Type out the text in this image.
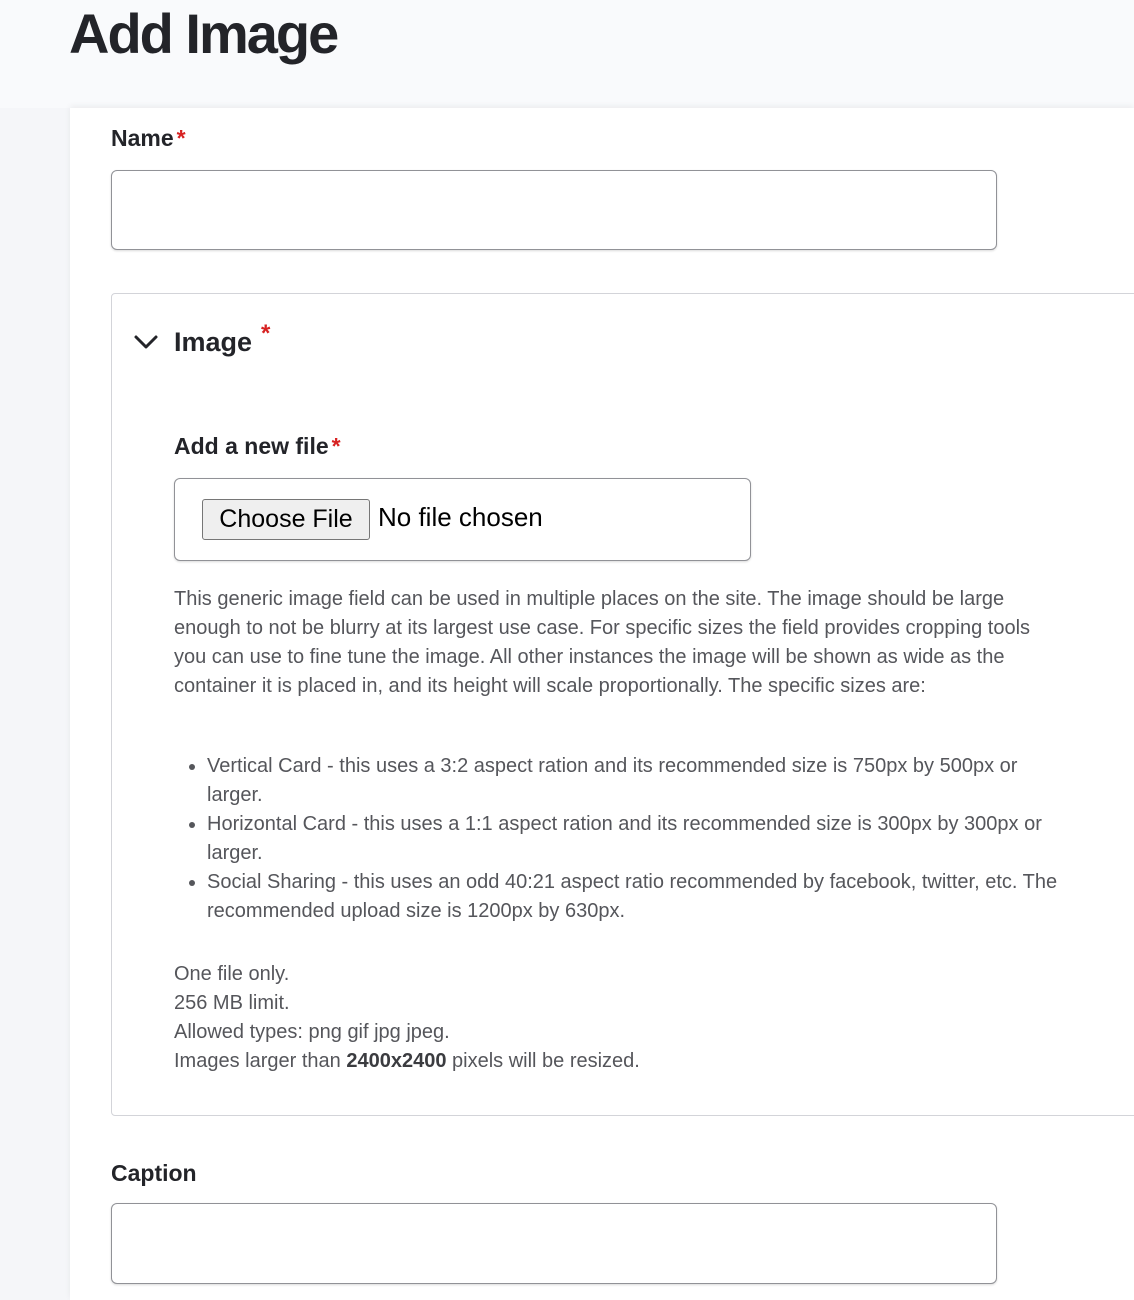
Add Image
Name *
Image *
Add a new file *
Choose File No file chosen

This generic image field can be used in multiple places on the site. The image should be large enough to not be blurry at its largest use case. For specific sizes the field provides cropping tools you can use to fine tune the image. All other instances the image will be shown as wide as the container it is placed in, and its height will scale proportionally. The specific sizes are:

• Vertical Card - this uses a 3:2 aspect ration and its recommended size is 750px by 500px or larger.
• Horizontal Card - this uses a 1:1 aspect ration and its recommended size is 300px by 300px or larger.
• Social Sharing - this uses an odd 40:21 aspect ratio recommended by facebook, twitter, etc. The recommended upload size is 1200px by 630px.
One file only.
256 MB limit.
Allowed types: png gif jpg jpeg.
Images larger than 2400x2400 pixels will be resized.
Caption
